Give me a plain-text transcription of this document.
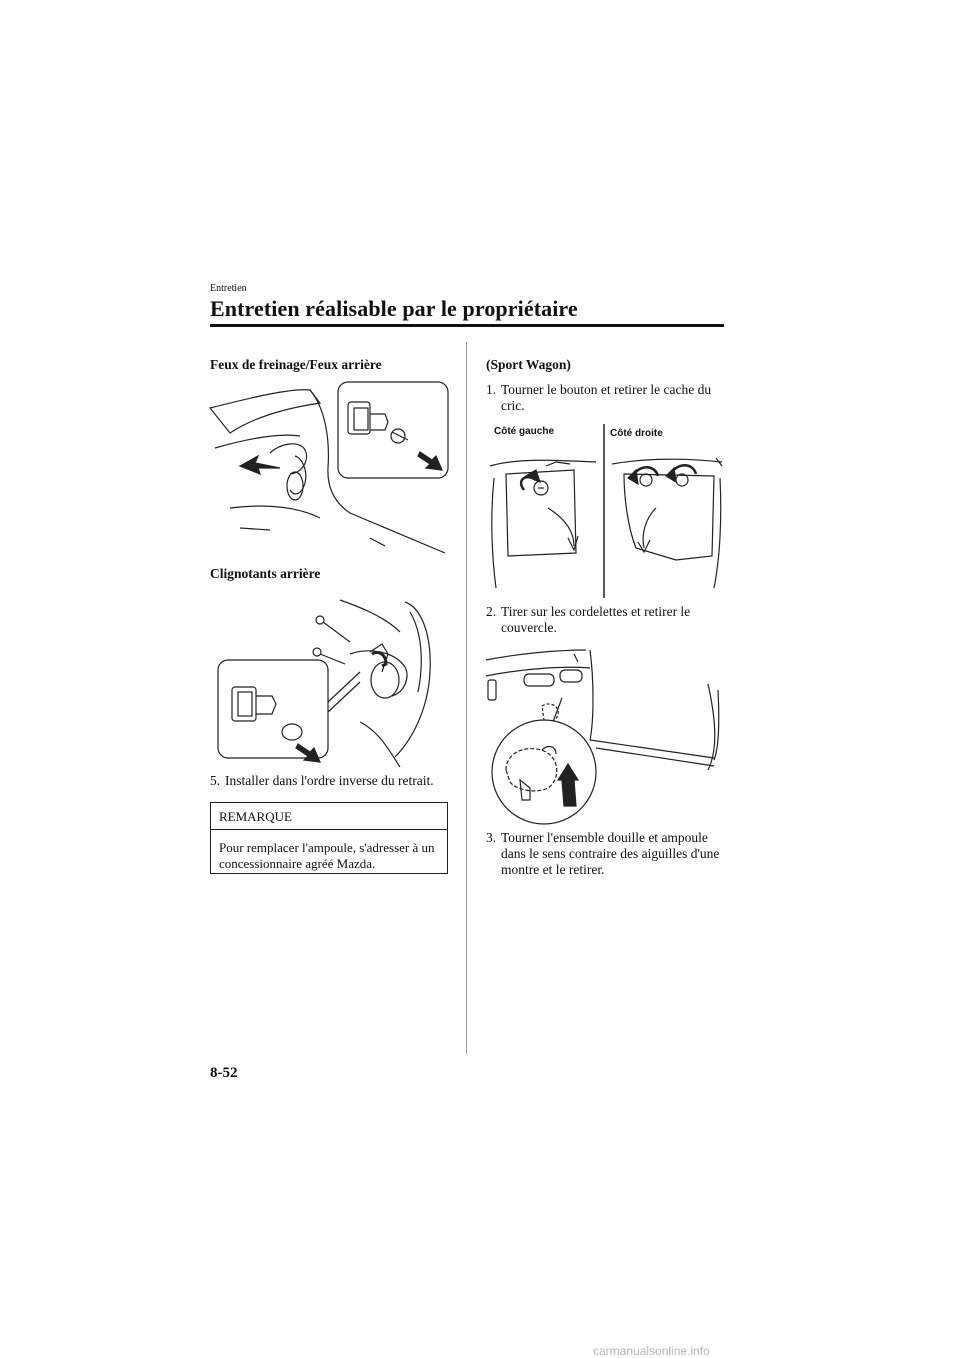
Entretien
Entretien réalisable par le propriétaire
Feux de freinage/Feux arrière
Clignotants arrière
5. Installer dans l'ordre inverse du retrait.
REMARQUE
Pour remplacer l'ampoule, s'adresser à un concessionnaire agréé Mazda.
(Sport Wagon)
1. Tourner le bouton et retirer le cache du cric.
Côté gauche	Côté droite
2. Tirer sur les cordelettes et retirer le couvercle.
3. Tourner l'ensemble douille et ampoule dans le sens contraire des aiguilles d'une montre et le retirer.
8-52
carmanualsonline.info
